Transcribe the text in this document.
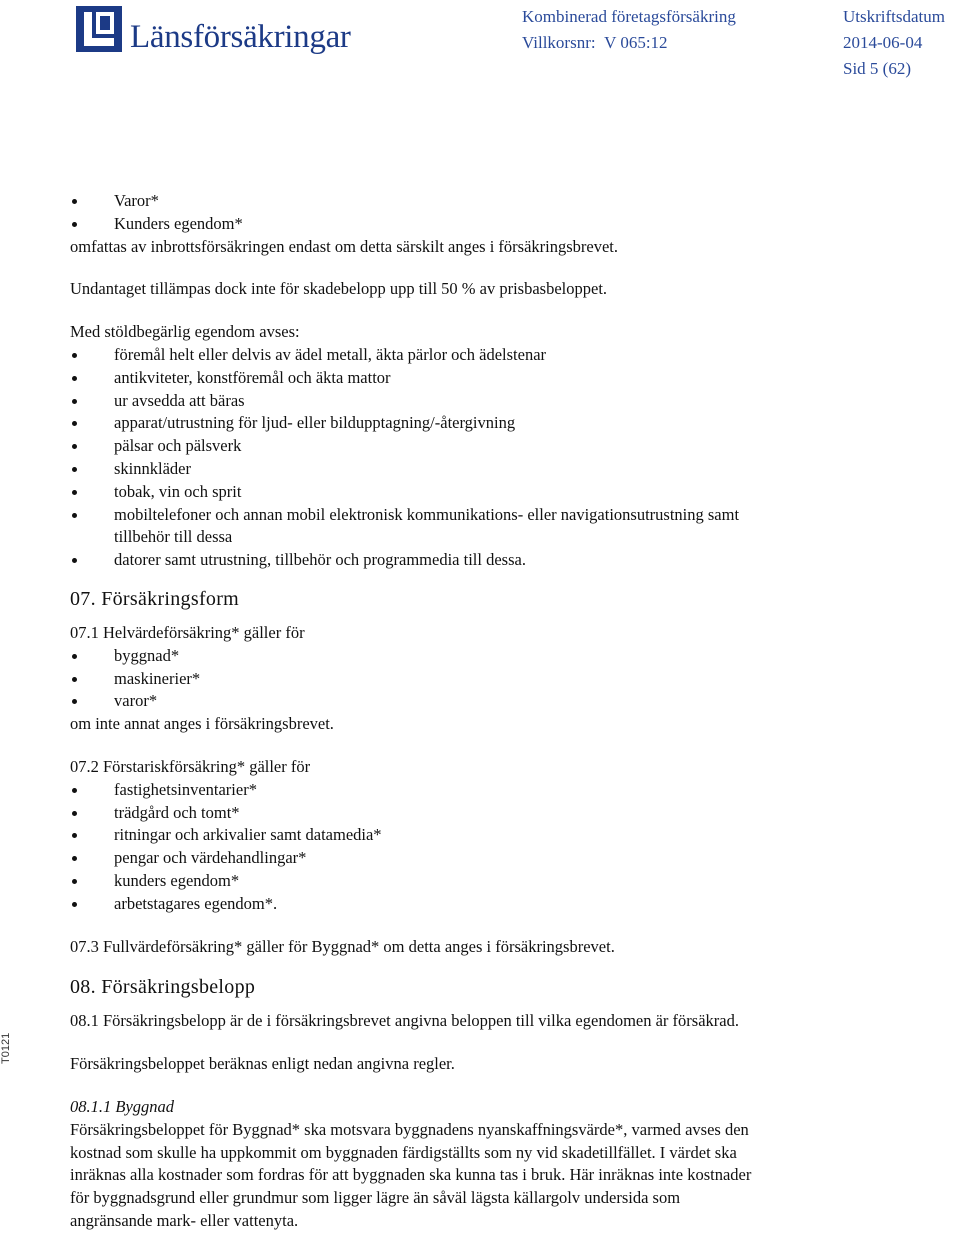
Länsförsäkringar
Kombinerad företagsförsäkring
Villkorsnr: V 065:12
Utskriftsdatum
2014-06-04
Sid 5 (62)
T0121
Varor*
Kunders egendom*
omfattas av inbrottsförsäkringen endast om detta särskilt anges i försäkringsbrevet.
Undantaget tillämpas dock inte för skadebelopp upp till 50 % av prisbasbeloppet.
Med stöldbegärlig egendom avses:
föremål helt eller delvis av ädel metall, äkta pärlor och ädelstenar
antikviteter, konstföremål och äkta mattor
ur avsedda att bäras
apparat/utrustning för ljud- eller bildupptagning/-återgivning
pälsar och pälsverk
skinnkläder
tobak, vin och sprit
mobiltelefoner och annan mobil elektronisk kommunikations- eller navigationsutrustning samt
tillbehör till dessa
datorer samt utrustning, tillbehör och programmedia till dessa.
07. Försäkringsform
07.1 Helvärdeförsäkring* gäller för
byggnad*
maskinerier*
varor*
om inte annat anges i försäkringsbrevet.
07.2 Förstariskförsäkring* gäller för
fastighetsinventarier*
trädgård och tomt*
ritningar och arkivalier samt datamedia*
pengar och värdehandlingar*
kunders egendom*
arbetstagares egendom*.
07.3 Fullvärdeförsäkring* gäller för Byggnad* om detta anges i försäkringsbrevet.
08. Försäkringsbelopp
08.1 Försäkringsbelopp är de i försäkringsbrevet angivna beloppen till vilka egendomen är försäkrad.
Försäkringsbeloppet beräknas enligt nedan angivna regler.
08.1.1 Byggnad
Försäkringsbeloppet för Byggnad* ska motsvara byggnadens nyanskaffningsvärde*, varmed avses den
kostnad som skulle ha uppkommit om byggnaden färdigställts som ny vid skadetillfället. I värdet ska
inräknas alla kostnader som fordras för att byggnaden ska kunna tas i bruk. Här inräknas inte kostnader
för byggnadsgrund eller grundmur som ligger lägre än såväl lägsta källargolv undersida som
angränsande mark- eller vattenyta.
